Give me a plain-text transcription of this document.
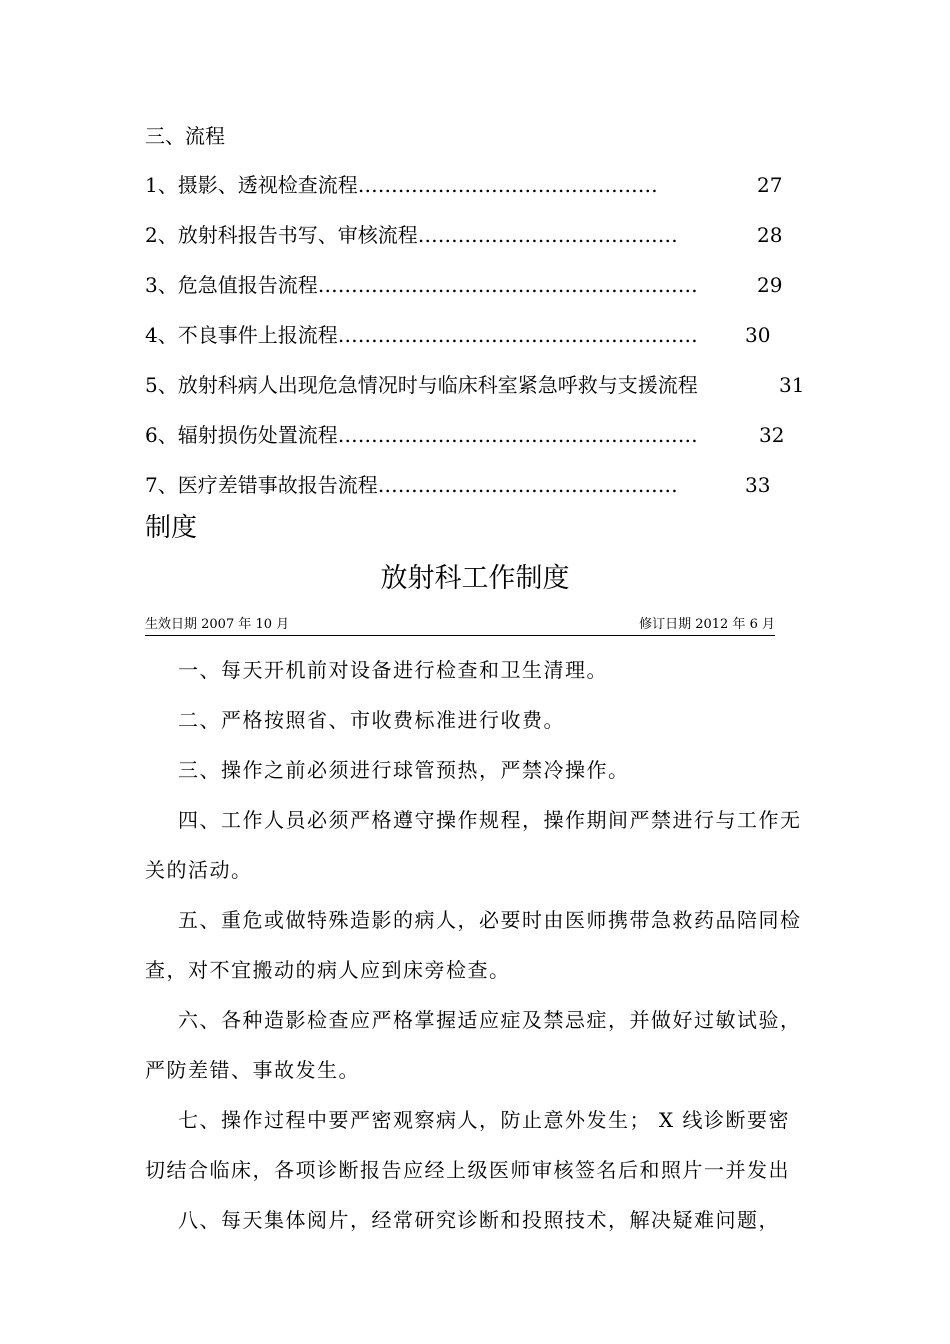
三、流程
1、摄影、透视检查流程………………………………………	27
2、放射科报告书写、审核流程…………………………………	28
3、危急值报告流程…………………………………………………	29
4、不良事件上报流程……………………………………………… 30
5、放射科病人出现危急情况时与临床科室紧急呼救与支援流程	31
6、辐射损伤处置流程………………………………………………	32
7、医疗差错事故报告流程………………………………………	33
制度
放射科工作制度
生效日期 2007 年 10 月	修订日期 2012 年 6 月

一、每天开机前对设备进行检查和卫生清理。

二、严格按照省、市收费标准进行收费。

三、操作之前必须进行球管预热，严禁冷操作。

四、工作人员必须严格遵守操作规程，操作期间严禁进行与工作无关的活动。

五、重危或做特殊造影的病人，必要时由医师携带急救药品陪同检查，对不宜搬动的病人应到床旁检查。

六、各种造影检查应严格掌握适应症及禁忌症，并做好过敏试验，严防差错、事故发生。

七、操作过程中要严密观察病人，防止意外发生； X 线诊断要密切结合临床，各项诊断报告应经上级医师审核签名后和照片一并发出

八、每天集体阅片，经常研究诊断和投照技术，解决疑难问题，
